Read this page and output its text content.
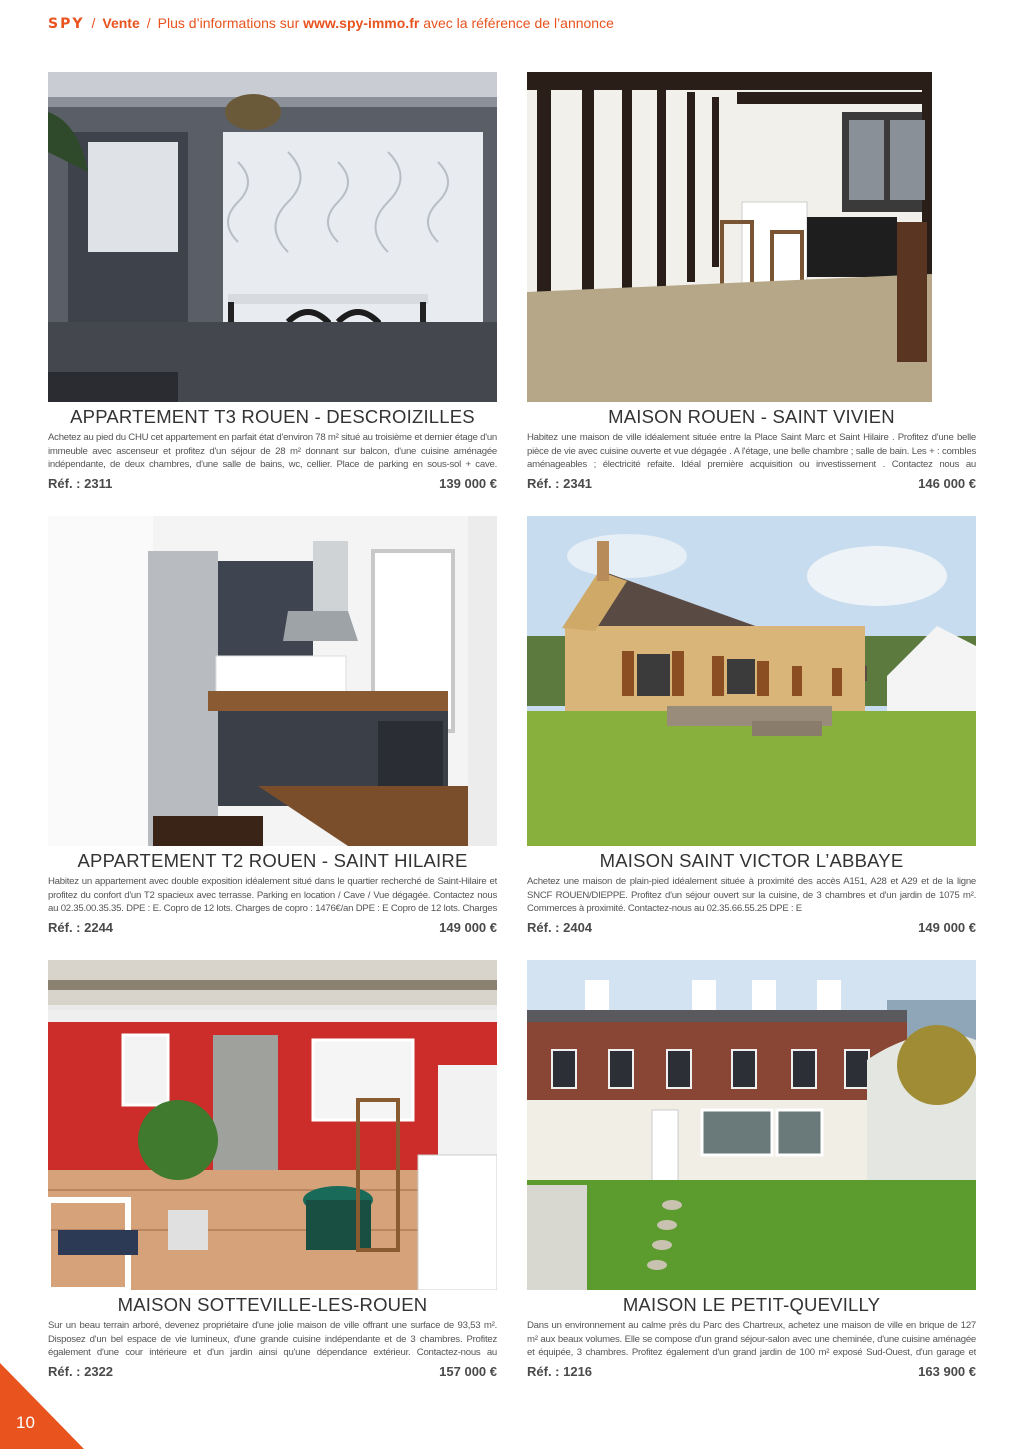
SPY / Vente / Plus d’informations sur www.spy-immo.fr avec la référence de l’annonce
APPARTEMENT T3 ROUEN - DESCROIZILLES
Achetez au pied du CHU cet appartement en parfait état d'environ 78 m² situé au troisième et dernier étage d'un immeuble avec ascenseur et profitez d'un séjour de 28 m² donnant sur balcon, d'une cuisine aménagée indépendante, de deux chambres, d'une salle de bains, wc, cellier. Place de parking en sous-sol + cave.
Réf. : 2311	139 000 €
MAISON ROUEN - SAINT VIVIEN
Habitez une maison de ville idéalement située entre la Place Saint Marc et Saint Hilaire . Profitez d'une belle pièce de vie avec cuisine ouverte et vue dégagée . A l'étage, une belle chambre ; salle de bain. Les + : combles aménageables ; électricité refaite. Idéal première acquisition ou investissement . Contactez nous au
Réf. : 2341	146 000 €
APPARTEMENT T2 ROUEN - SAINT HILAIRE
Habitez un appartement avec double exposition idéalement situé dans le quartier recherché de Saint-Hilaire et profitez du confort d'un T2 spacieux avec terrasse. Parking en location / Cave / Vue dégagée. Contactez nous au 02.35.00.35.35. DPE : E. Copro de 12 lots. Charges de copro : 1476€/an DPE : E Copro de 12 lots. Charges
Réf. : 2244	149 000 €
MAISON SAINT VICTOR L’ABBAYE
Achetez une maison de plain-pied idéalement située à proximité des accès A151, A28 et A29 et de la ligne SNCF ROUEN/DIEPPE. Profitez d'un séjour ouvert sur la cuisine, de 3 chambres et d'un jardin de 1075 m². Commerces à proximité. Contactez-nous au 02.35.66.55.25 DPE : E
Réf. : 2404	149 000 €
MAISON SOTTEVILLE-LES-ROUEN
Sur un beau terrain arboré, devenez propriétaire d'une jolie maison de ville offrant une surface de 93,53 m². Disposez d'un bel espace de vie lumineux, d'une grande cuisine indépendante et de 3 chambres. Profitez également d'une cour intérieure et d'un jardin ainsi qu'une dépendance extérieur. Contactez-nous au
Réf. : 2322	157 000 €
MAISON LE PETIT-QUEVILLY
Dans un environnement au calme près du Parc des Chartreux, achetez une maison de ville en brique de 127 m² aux beaux volumes. Elle se compose d'un grand séjour-salon avec une cheminée, d'une cuisine aménagée et équipée, 3 chambres. Profitez également d'un grand jardin de 100 m² exposé Sud-Ouest, d'un garage et
Réf. : 1216	163 900 €
10
